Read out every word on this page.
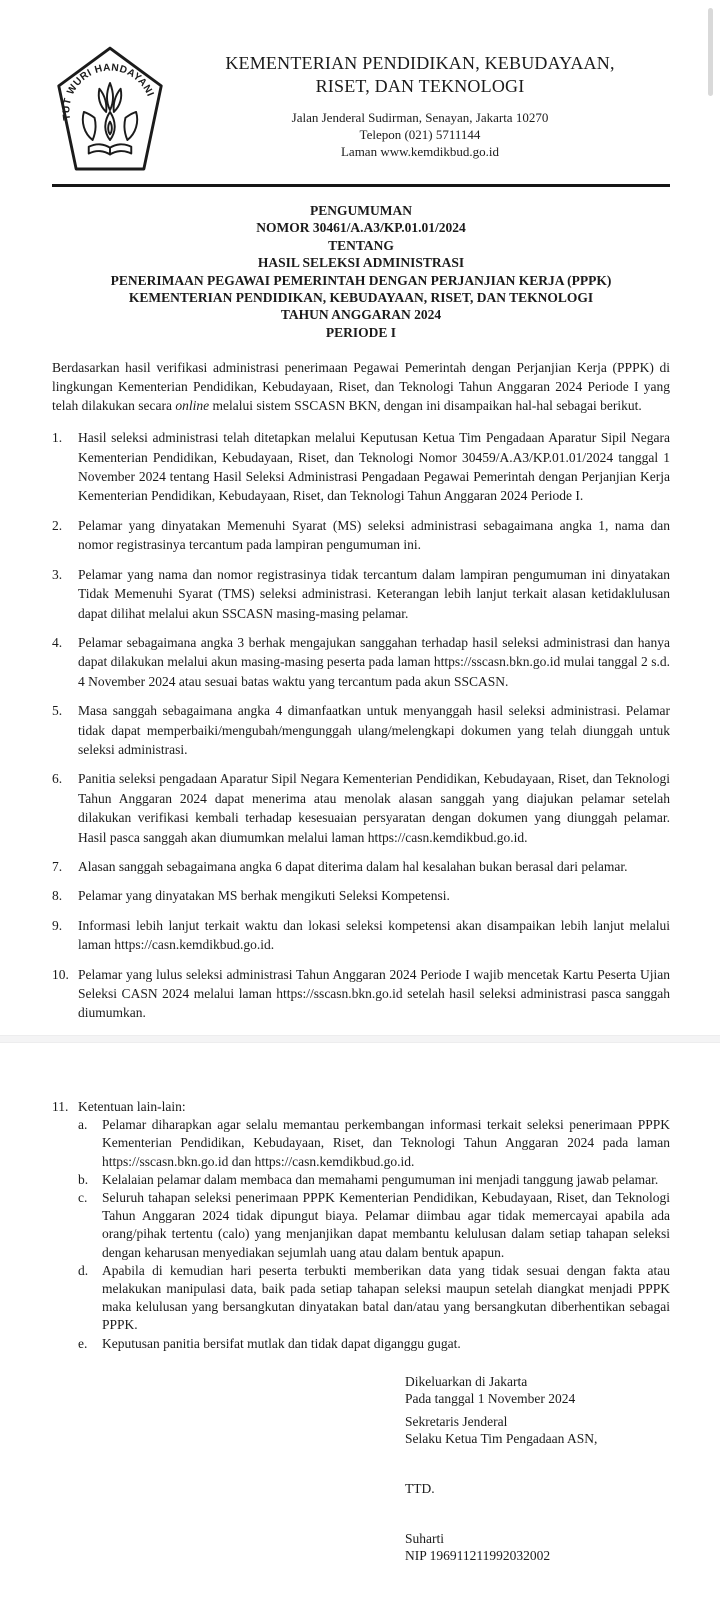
TUT WURI HANDAYANI
KEMENTERIAN PENDIDIKAN, KEBUDAYAAN,
RISET, DAN TEKNOLOGI
Jalan Jenderal Sudirman, Senayan, Jakarta 10270
Telepon (021) 5711144
Laman www.kemdikbud.go.id
PENGUMUMAN
NOMOR 30461/A.A3/KP.01.01/2024
TENTANG
HASIL SELEKSI ADMINISTRASI
PENERIMAAN PEGAWAI PEMERINTAH DENGAN PERJANJIAN KERJA (PPPK)
KEMENTERIAN PENDIDIKAN, KEBUDAYAAN, RISET, DAN TEKNOLOGI
TAHUN ANGGARAN 2024
PERIODE I
Berdasarkan hasil verifikasi administrasi penerimaan Pegawai Pemerintah dengan Perjanjian Kerja (PPPK) di lingkungan Kementerian Pendidikan, Kebudayaan, Riset, dan Teknologi Tahun Anggaran 2024 Periode I yang telah dilakukan secara online melalui sistem SSCASN BKN, dengan ini disampaikan hal-hal sebagai berikut.
1.	Hasil seleksi administrasi telah ditetapkan melalui Keputusan Ketua Tim Pengadaan Aparatur Sipil Negara Kementerian Pendidikan, Kebudayaan, Riset, dan Teknologi Nomor 30459/A.A3/KP.01.01/2024 tanggal 1 November 2024 tentang Hasil Seleksi Administrasi Pengadaan Pegawai Pemerintah dengan Perjanjian Kerja Kementerian Pendidikan, Kebudayaan, Riset, dan Teknologi Tahun Anggaran 2024 Periode I.
2.	Pelamar yang dinyatakan Memenuhi Syarat (MS) seleksi administrasi sebagaimana angka 1, nama dan nomor registrasinya tercantum pada lampiran pengumuman ini.
3.	Pelamar yang nama dan nomor registrasinya tidak tercantum dalam lampiran pengumuman ini dinyatakan Tidak Memenuhi Syarat (TMS) seleksi administrasi. Keterangan lebih lanjut terkait alasan ketidaklulusan dapat dilihat melalui akun SSCASN masing-masing pelamar.
4.	Pelamar sebagaimana angka 3 berhak mengajukan sanggahan terhadap hasil seleksi administrasi dan hanya dapat dilakukan melalui akun masing-masing peserta pada laman https://sscasn.bkn.go.id mulai tanggal 2 s.d. 4 November 2024 atau sesuai batas waktu yang tercantum pada akun SSCASN.
5.	Masa sanggah sebagaimana angka 4 dimanfaatkan untuk menyanggah hasil seleksi administrasi. Pelamar tidak dapat memperbaiki/mengubah/mengunggah ulang/melengkapi dokumen yang telah diunggah untuk seleksi administrasi.
6.	Panitia seleksi pengadaan Aparatur Sipil Negara Kementerian Pendidikan, Kebudayaan, Riset, dan Teknologi Tahun Anggaran 2024 dapat menerima atau menolak alasan sanggah yang diajukan pelamar setelah dilakukan verifikasi kembali terhadap kesesuaian persyaratan dengan dokumen yang diunggah pelamar. Hasil pasca sanggah akan diumumkan melalui laman https://casn.kemdikbud.go.id.
7.	Alasan sanggah sebagaimana angka 6 dapat diterima dalam hal kesalahan bukan berasal dari pelamar.
8.	Pelamar yang dinyatakan MS berhak mengikuti Seleksi Kompetensi.
9.	Informasi lebih lanjut terkait waktu dan lokasi seleksi kompetensi akan disampaikan lebih lanjut melalui laman https://casn.kemdikbud.go.id.
10. Pelamar yang lulus seleksi administrasi Tahun Anggaran 2024 Periode I wajib mencetak Kartu Peserta Ujian Seleksi CASN 2024 melalui laman https://sscasn.bkn.go.id setelah hasil seleksi administrasi pasca sanggah diumumkan.
11. Ketentuan lain-lain:
a.	Pelamar diharapkan agar selalu memantau perkembangan informasi terkait seleksi penerimaan PPPK Kementerian Pendidikan, Kebudayaan, Riset, dan Teknologi Tahun Anggaran 2024 pada laman https://sscasn.bkn.go.id dan https://casn.kemdikbud.go.id.
b.	Kelalaian pelamar dalam membaca dan memahami pengumuman ini menjadi tanggung jawab pelamar.
c.	Seluruh tahapan seleksi penerimaan PPPK Kementerian Pendidikan, Kebudayaan, Riset, dan Teknologi Tahun Anggaran 2024 tidak dipungut biaya. Pelamar diimbau agar tidak memercayai apabila ada orang/pihak tertentu (calo) yang menjanjikan dapat membantu kelulusan dalam setiap tahapan seleksi dengan keharusan menyediakan sejumlah uang atau dalam bentuk apapun.
d.	Apabila di kemudian hari peserta terbukti memberikan data yang tidak sesuai dengan fakta atau melakukan manipulasi data, baik pada setiap tahapan seleksi maupun setelah diangkat menjadi PPPK maka kelulusan yang bersangkutan dinyatakan batal dan/atau yang bersangkutan diberhentikan sebagai PPPK.
e.	Keputusan panitia bersifat mutlak dan tidak dapat diganggu gugat.
Dikeluarkan di Jakarta
Pada tanggal 1 November 2024
Sekretaris Jenderal
Selaku Ketua Tim Pengadaan ASN,
TTD.
Suharti
NIP 196911211992032002
